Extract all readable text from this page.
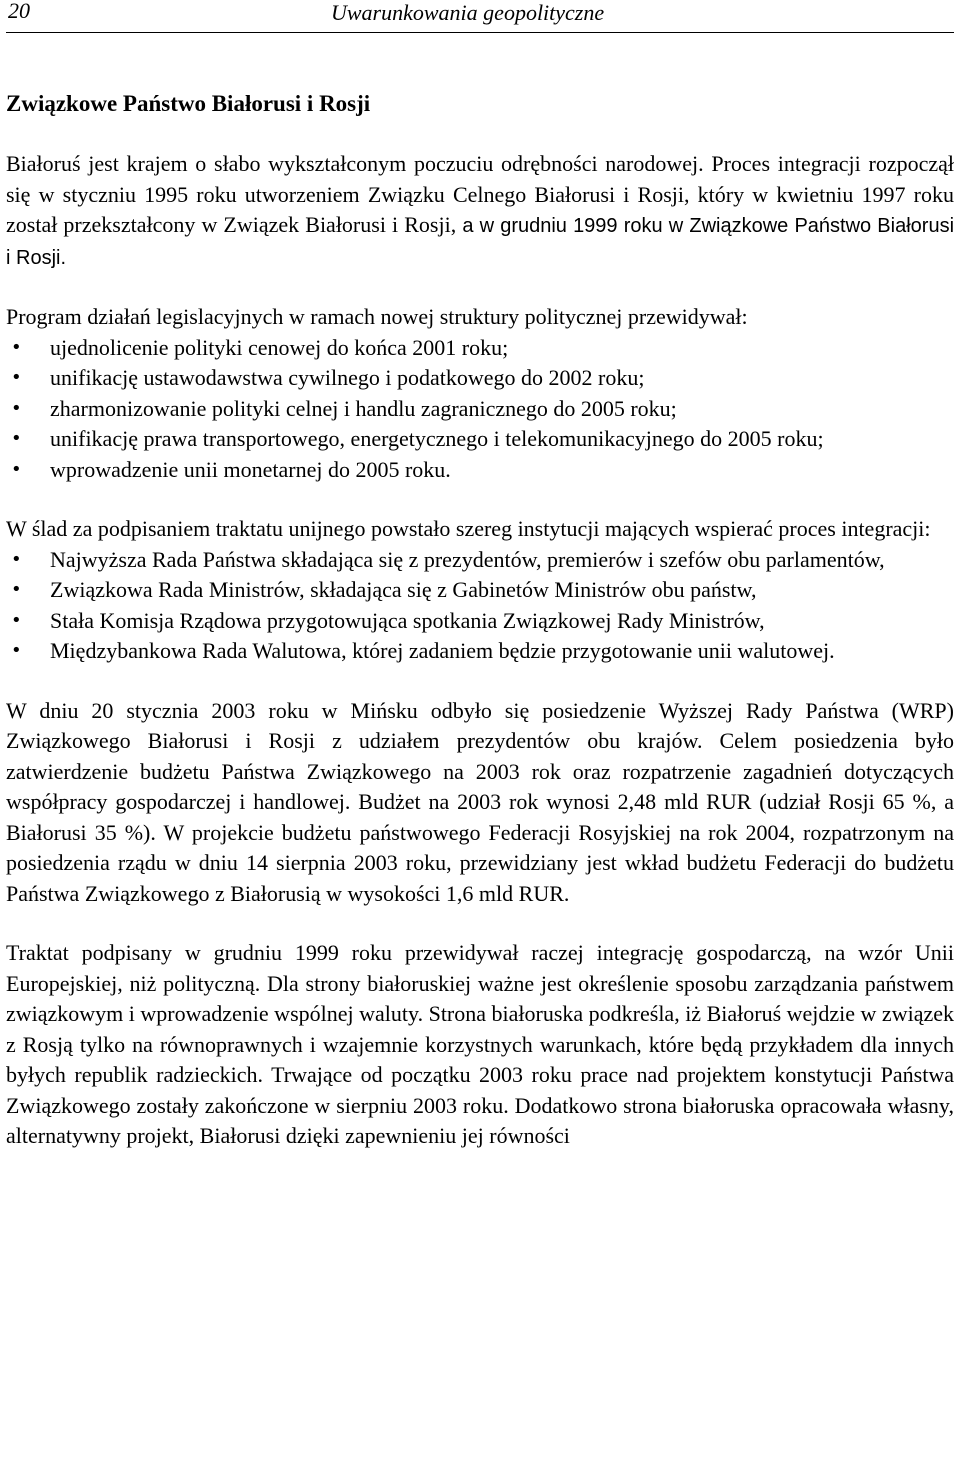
20	Uwarunkowania geopolityczne
Związkowe Państwo Białorusi i Rosji

Białoruś jest krajem o słabo wykształconym poczuciu odrębności narodowej. Proces integracji rozpoczął się w styczniu 1995 roku utworzeniem Związku Celnego Białorusi i Rosji, który w kwietniu 1997 roku został przekształcony w Związek Białorusi i Rosji, a w grudniu 1999 roku w Związkowe Państwo Białorusi i Rosji.

Program działań legislacyjnych w ramach nowej struktury politycznej przewidywał:

• ujednolicenie polityki cenowej do końca 2001 roku;
• unifikację ustawodawstwa cywilnego i podatkowego do 2002 roku;
• zharmonizowanie polityki celnej i handlu zagranicznego do 2005 roku;
• unifikację prawa transportowego, energetycznego i telekomunikacyjnego do 2005 roku;
• wprowadzenie unii monetarnej do 2005 roku.

W ślad za podpisaniem traktatu unijnego powstało szereg instytucji mających wspierać proces integracji:

• Najwyższa Rada Państwa składająca się z prezydentów, premierów i szefów obu parlamentów,
• Związkowa Rada Ministrów, składająca się z Gabinetów Ministrów obu państw,
• Stała Komisja Rządowa przygotowująca spotkania Związkowej Rady Ministrów,
• Międzybankowa Rada Walutowa, której zadaniem będzie przygotowanie unii walutowej.

W dniu 20 stycznia 2003 roku w Mińsku odbyło się posiedzenie Wyższej Rady Państwa (WRP) Związkowego Białorusi i Rosji z udziałem prezydentów obu krajów. Celem posiedzenia było zatwierdzenie budżetu Państwa Związkowego na 2003 rok oraz rozpatrzenie zagadnień dotyczących współpracy gospodarczej i handlowej. Budżet na 2003 rok wynosi 2,48 mld RUR (udział Rosji 65 %, a Białorusi 35 %). W projekcie budżetu państwowego Federacji Rosyjskiej na rok 2004, rozpatrzonym na posiedzenia rządu w dniu 14 sierpnia 2003 roku, przewidziany jest wkład budżetu Federacji do budżetu Państwa Związkowego z Białorusią w wysokości 1,6 mld RUR.

Traktat podpisany w grudniu 1999 roku przewidywał raczej integrację gospodarczą, na wzór Unii Europejskiej, niż polityczną. Dla strony białoruskiej ważne jest określenie sposobu zarządzania państwem związkowym i wprowadzenie wspólnej waluty. Strona białoruska podkreśla, iż Białoruś wejdzie w związek z Rosją tylko na równoprawnych i wzajemnie korzystnych warunkach, które będą przykładem dla innych byłych republik radzieckich. Trwające od początku 2003 roku prace nad projektem konstytucji Państwa Związkowego zostały zakończone w sierpniu 2003 roku. Dodatkowo strona białoruska opracowała własny, alternatywny projekt, Białorusi dzięki zapewnieniu jej równości
